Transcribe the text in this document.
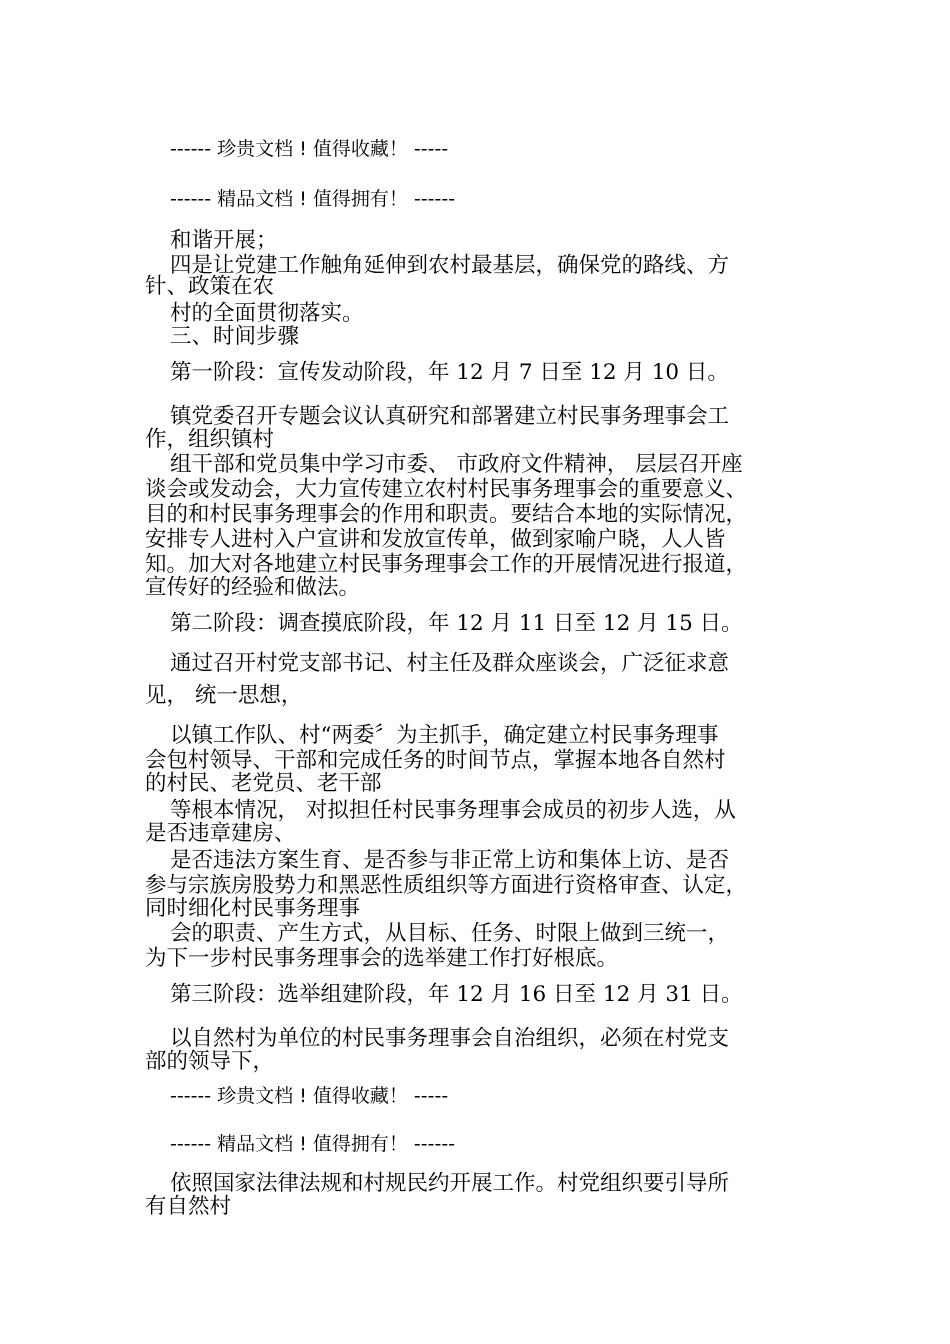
------ 珍贵文档 ! 值得收藏！ -----
------ 精品文档 ! 值得拥有！ ------
和谐开展；
四是让党建工作触角延伸到农村最基层，确保党的路线、方
针、政策在农
村的全面贯彻落实。
三、时间步骤
第一阶段：宣传发动阶段，年 12 月 7 日至 12 月 10 日。
镇党委召开专题会议认真研究和部署建立村民事务理事会工
作，组织镇村
组干部和党员集中学习市委、 市政府文件精神， 层层召开座
谈会或发动会，大力宣传建立农村村民事务理事会的重要意义、
目的和村民事务理事会的作用和职责。要结合本地的实际情况，
安排专人进村入户宣讲和发放宣传单，做到家喻户晓，人人皆
知。加大对各地建立村民事务理事会工作的开展情况进行报道，
宣传好的经验和做法。
第二阶段：调查摸底阶段，年 12 月 11 日至 12 月 15 日。
通过召开村党支部书记、村主任及群众座谈会，广泛征求意
见， 统一思想，
以镇工作队、村“两委〞为主抓手，确定建立村民事务理事
会包村领导、干部和完成任务的时间节点，掌握本地各自然村
的村民、老党员、老干部
等根本情况， 对拟担任村民事务理事会成员的初步人选，从
是否违章建房、
是否违法方案生育、是否参与非正常上访和集体上访、是否
参与宗族房股势力和黑恶性质组织等方面进行资格审查、认定，
同时细化村民事务理事
会的职责、产生方式，从目标、任务、时限上做到三统一，
为下一步村民事务理事会的选举建工作打好根底。
第三阶段：选举组建阶段，年 12 月 16 日至 12 月 31 日。
以自然村为单位的村民事务理事会自治组织，必须在村党支
部的领导下，
------ 珍贵文档 ! 值得收藏！ -----
------ 精品文档 ! 值得拥有！ ------
依照国家法律法规和村规民约开展工作。村党组织要引导所
有自然村
